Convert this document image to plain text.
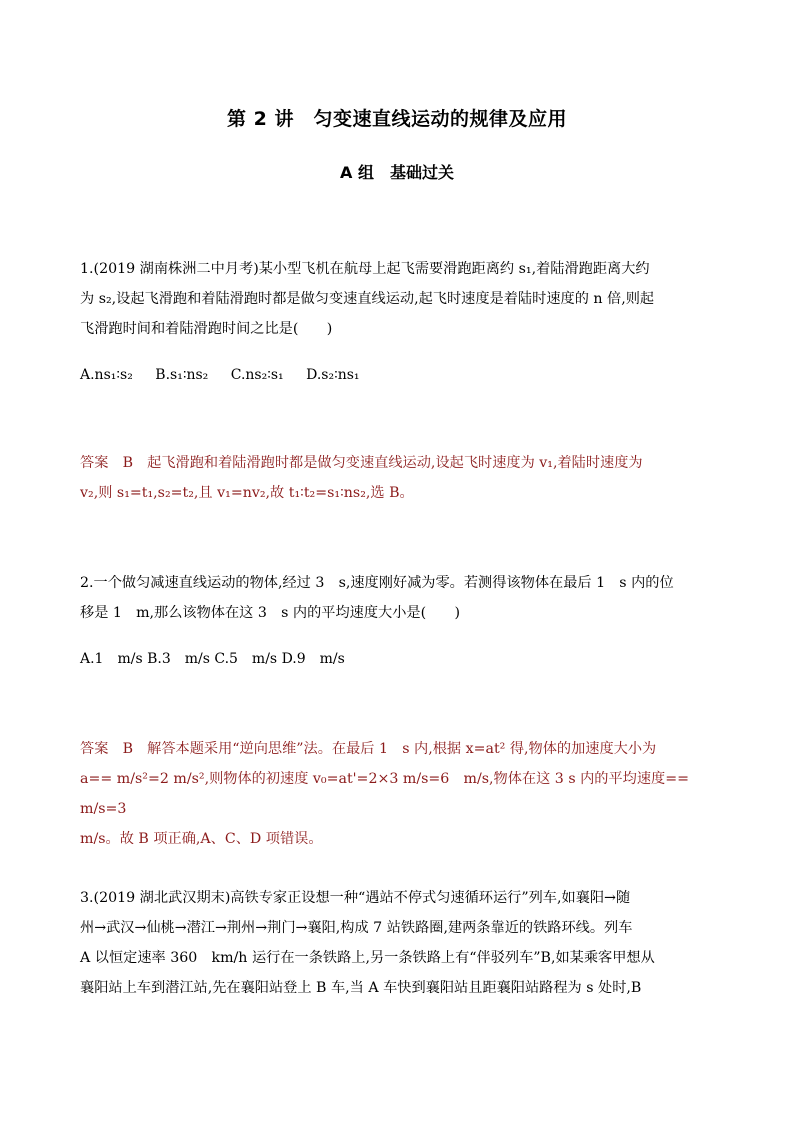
第 2 讲　匀变速直线运动的规律及应用
A 组　基础过关
1.(2019 湖南株洲二中月考)某小型飞机在航母上起飞需要滑跑距离约 s₁,着陆滑跑距离大约
为 s₂,设起飞滑跑和着陆滑跑时都是做匀变速直线运动,起飞时速度是着陆时速度的 n 倍,则起
飞滑跑时间和着陆滑跑时间之比是(　　)
A.ns₁∶s₂ B.s₁∶ns₂ C.ns₂∶s₁ D.s₂∶ns₁
答案　B　起飞滑跑和着陆滑跑时都是做匀变速直线运动,设起飞时速度为 v₁,着陆时速度为
v₂,则 s₁=t₁,s₂=t₂,且 v₁=nv₂,故 t₁∶t₂=s₁∶ns₂,选 B。
2.一个做匀减速直线运动的物体,经过 3　s,速度刚好减为零。若测得该物体在最后 1　s 内的位
移是 1　m,那么该物体在这 3　s 内的平均速度大小是(　　)
A.1　m/s B.3　m/s C.5　m/s D.9　m/s
答案　B　解答本题采用“逆向思维”法。在最后 1　s 内,根据 x=at² 得,物体的加速度大小为
a== m/s²=2 m/s²,则物体的初速度 v₀=at'=2×3 m/s=6　m/s,物体在这 3 s 内的平均速度== m/s=3
m/s。故 B 项正确,A、C、D 项错误。
3.(2019 湖北武汉期末)高铁专家正设想一种“遇站不停式匀速循环运行”列车,如襄阳→随
州→武汉→仙桃→潜江→荆州→荆门→襄阳,构成 7 站铁路圈,建两条靠近的铁路环线。列车
A 以恒定速率 360　km/h 运行在一条铁路上,另一条铁路上有“伴驳列车”B,如某乘客甲想从
襄阳站上车到潜江站,先在襄阳站登上 B 车,当 A 车快到襄阳站且距襄阳站路程为 s 处时,B
